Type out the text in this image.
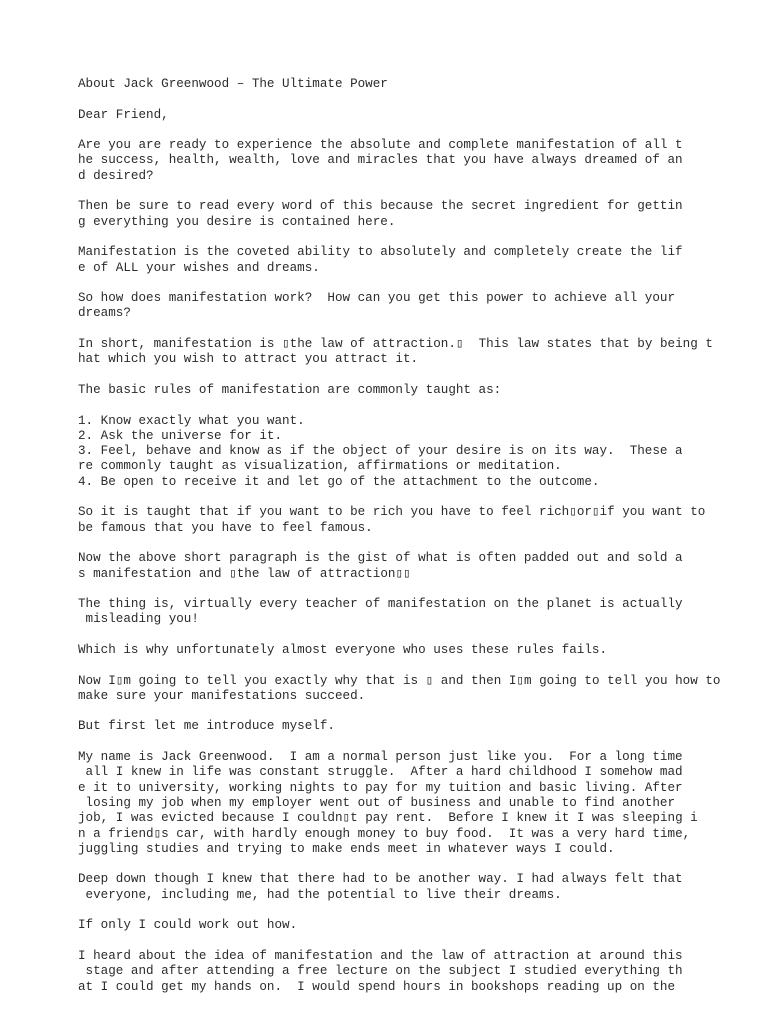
About Jack Greenwood – The Ultimate Power
Dear Friend,
Are you are ready to experience the absolute and complete manifestation of all t
he success, health, wealth, love and miracles that you have always dreamed of an
d desired?
Then be sure to read every word of this because the secret ingredient for gettin
g everything you desire is contained here.
Manifestation is the coveted ability to absolutely and completely create the lif
e of ALL your wishes and dreams.
So how does manifestation work?  How can you get this power to achieve all your
dreams?
In short, manifestation is ▯the law of attraction.▯  This law states that by being t
hat which you wish to attract you attract it.
The basic rules of manifestation are commonly taught as:
1. Know exactly what you want.
2. Ask the universe for it.
3. Feel, behave and know as if the object of your desire is on its way.  These a
re commonly taught as visualization, affirmations or meditation.
4. Be open to receive it and let go of the attachment to the outcome.
So it is taught that if you want to be rich you have to feel rich▯or▯if you want to
be famous that you have to feel famous.
Now the above short paragraph is the gist of what is often padded out and sold a
s manifestation and ▯the law of attraction▯▯
The thing is, virtually every teacher of manifestation on the planet is actually
misleading you!
Which is why unfortunately almost everyone who uses these rules fails.
Now I▯m going to tell you exactly why that is ▯ and then I▯m going to tell you how to
make sure your manifestations succeed.
But first let me introduce myself.
My name is Jack Greenwood.  I am a normal person just like you.  For a long time
all I knew in life was constant struggle.  After a hard childhood I somehow mad
e it to university, working nights to pay for my tuition and basic living. After
losing my job when my employer went out of business and unable to find another
job, I was evicted because I couldn▯t pay rent.  Before I knew it I was sleeping i
n a friend▯s car, with hardly enough money to buy food.  It was a very hard time,
juggling studies and trying to make ends meet in whatever ways I could.
Deep down though I knew that there had to be another way. I had always felt that
everyone, including me, had the potential to live their dreams.
If only I could work out how.
I heard about the idea of manifestation and the law of attraction at around this
stage and after attending a free lecture on the subject I studied everything th
at I could get my hands on.  I would spend hours in bookshops reading up on the
